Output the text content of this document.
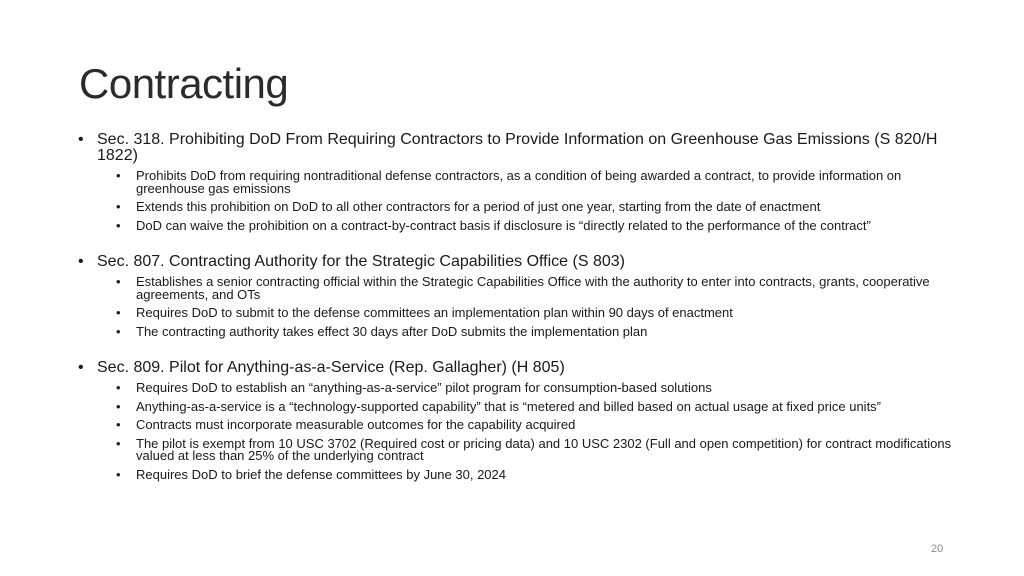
Contracting
• Sec. 318. Prohibiting DoD From Requiring Contractors to Provide Information on Greenhouse Gas Emissions (S 820/H 1822)
• Prohibits DoD from requiring nontraditional defense contractors, as a condition of being awarded a contract, to provide information on greenhouse gas emissions
• Extends this prohibition on DoD to all other contractors for a period of just one year, starting from the date of enactment
• DoD can waive the prohibition on a contract-by-contract basis if disclosure is “directly related to the performance of the contract”
• Sec. 807. Contracting Authority for the Strategic Capabilities Office (S 803)
• Establishes a senior contracting official within the Strategic Capabilities Office with the authority to enter into contracts, grants, cooperative agreements, and OTs
• Requires DoD to submit to the defense committees an implementation plan within 90 days of enactment
• The contracting authority takes effect 30 days after DoD submits the implementation plan
• Sec. 809. Pilot for Anything-as-a-Service (Rep. Gallagher) (H 805)
• Requires DoD to establish an “anything-as-a-service” pilot program for consumption-based solutions
• Anything-as-a-service is a “technology-supported capability” that is “metered and billed based on actual usage at fixed price units”
• Contracts must incorporate measurable outcomes for the capability acquired
• The pilot is exempt from 10 USC 3702 (Required cost or pricing data) and 10 USC 2302 (Full and open competition) for contract modifications valued at less than 25% of the underlying contract
• Requires DoD to brief the defense committees by June 30, 2024
20
